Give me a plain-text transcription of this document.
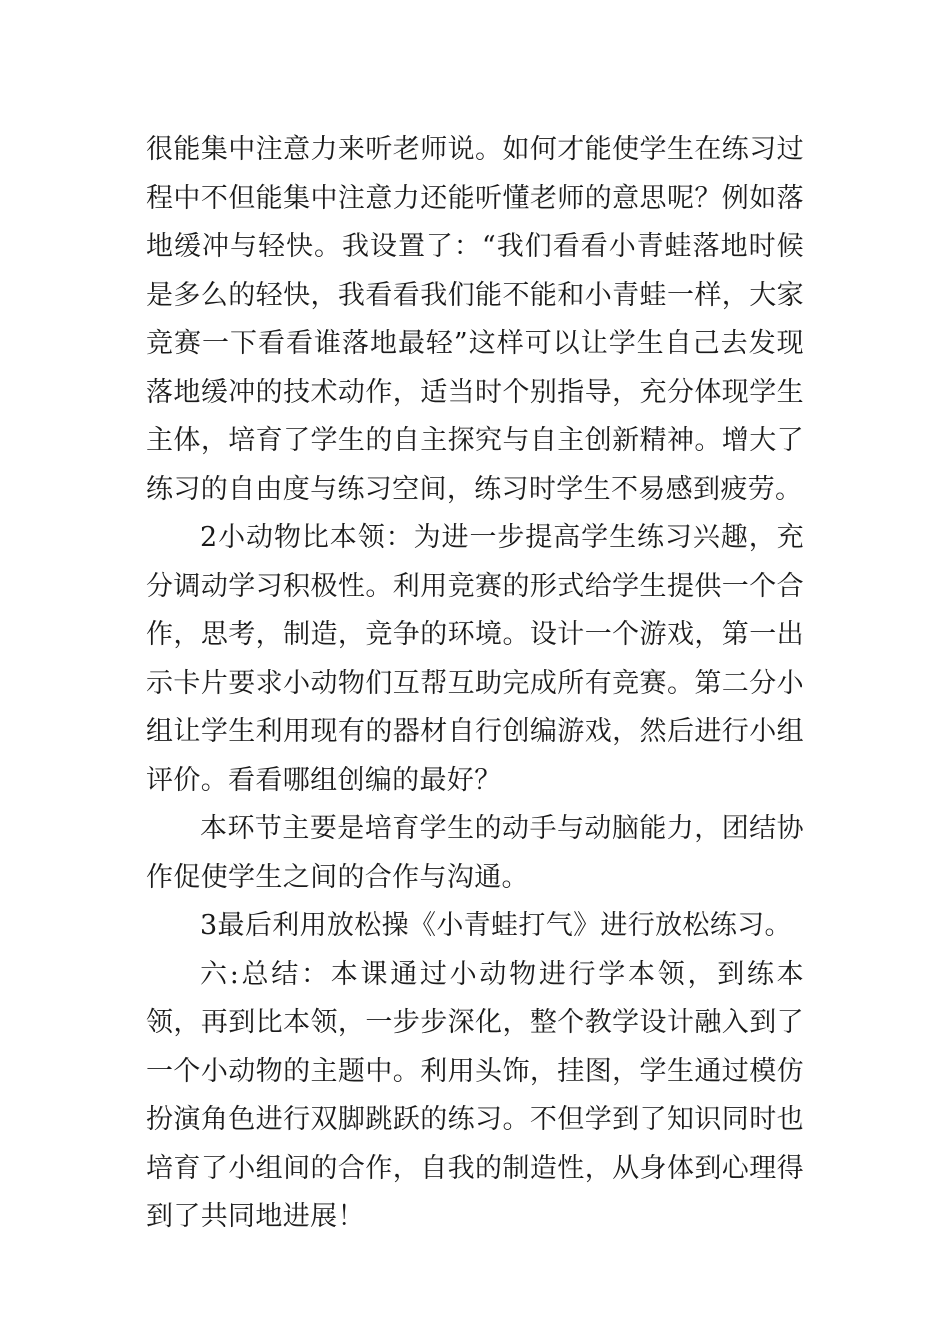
很能集中注意力来听老师说。如何才能使学生在练习过程中不但能集中注意力还能听懂老师的意思呢？例如落地缓冲与轻快。我设置了：“我们看看小青蛙落地时候是多么的轻快，我看看我们能不能和小青蛙一样，大家竞赛一下看看谁落地最轻”这样可以让学生自己去发现落地缓冲的技术动作，适当时个别指导，充分体现学生主体，培育了学生的自主探究与自主创新精神。增大了练习的自由度与练习空间，练习时学生不易感到疲劳。

2小动物比本领：为进一步提高学生练习兴趣，充分调动学习积极性。利用竞赛的形式给学生提供一个合作，思考，制造，竞争的环境。设计一个游戏，第一出示卡片要求小动物们互帮互助完成所有竞赛。第二分小组让学生利用现有的器材自行创编游戏，然后进行小组评价。看看哪组创编的最好？

本环节主要是培育学生的动手与动脑能力，团结协作促使学生之间的合作与沟通。

3最后利用放松操《小青蛙打气》进行放松练习。

六:总结：本课通过小动物进行学本领，到练本领，再到比本领，一步步深化，整个教学设计融入到了一个小动物的主题中。利用头饰，挂图，学生通过模仿扮演角色进行双脚跳跃的练习。不但学到了知识同时也培育了小组间的合作，自我的制造性，从身体到心理得到了共同地进展！
